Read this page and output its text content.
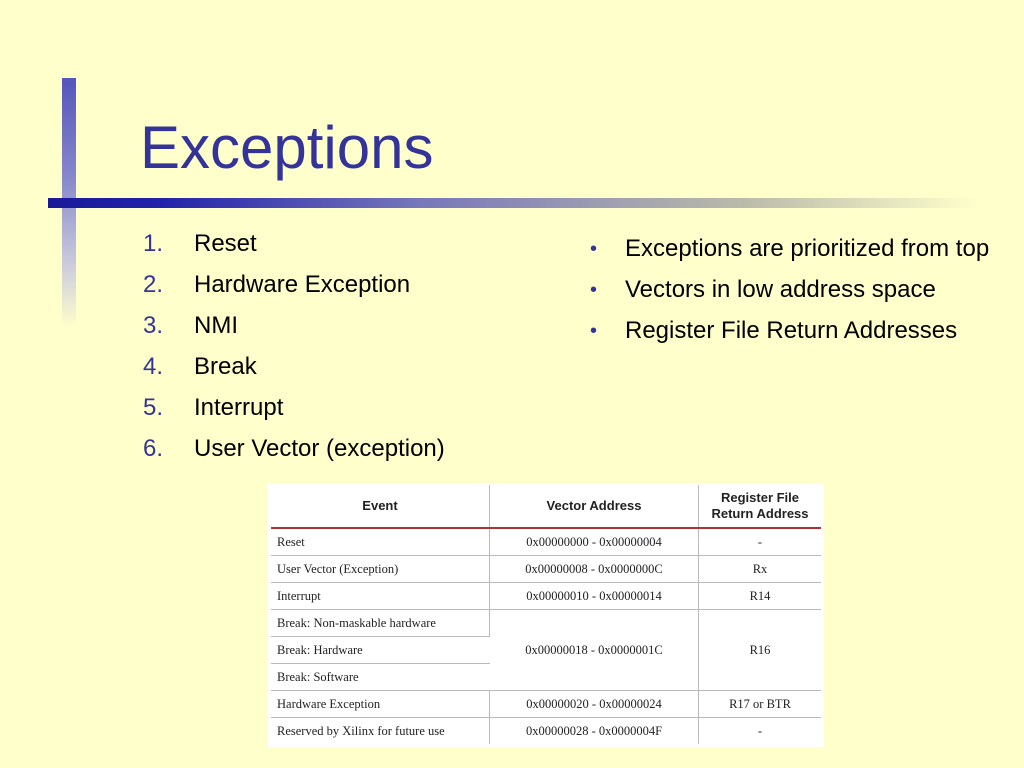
Exceptions
1.	Reset
2.	Hardware Exception
3.	NMI
4.	Break
5.	Interrupt
6.	User Vector (exception)
•	Exceptions are prioritized from top
•	Vectors in low address space
•	Register File Return Addresses
Event	Vector Address	Register File Return Address
Reset	0x00000000 - 0x00000004	-
User Vector (Exception)	0x00000008 - 0x0000000C	Rx
Interrupt	0x00000010 - 0x00000014	R14
Break: Non-maskable hardware	0x00000018 - 0x0000001C	R16
Break: Hardware		
Break: Software		
Hardware Exception	0x00000020 - 0x00000024	R17 or BTR
Reserved by Xilinx for future use	0x00000028 - 0x0000004F	-
